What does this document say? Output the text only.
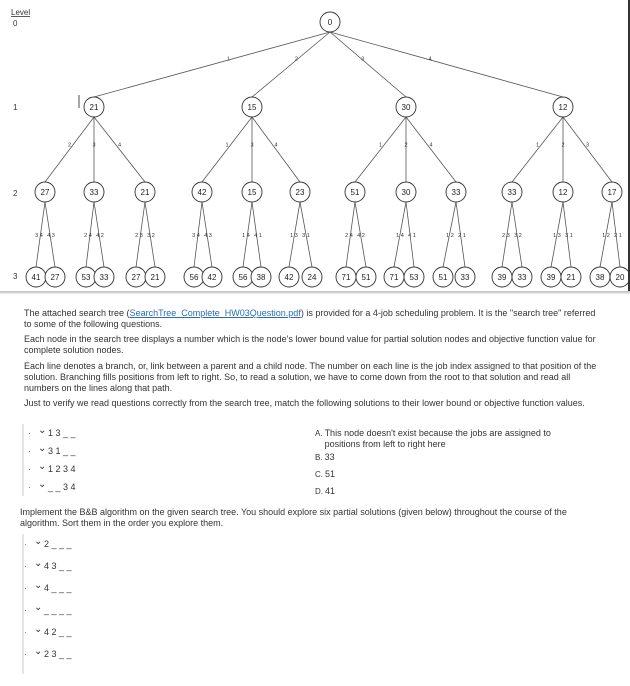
Level
0
1
2
3
1	2	3	4
2	3	4	1	3	4	1	2	4	1	2	3
3 4 4 3	2 4 4 2	2 3 3 2	3 4 4 3	1 4 4 1	1 3 3 1	2 4 4 2	1 4 4 1	1 2 2 1	2 3 3 2	1 3 3 1	1 2 2 1
0
21	15	30	12
27	33	21	42	15	23	51	30	33	33	12	17
41 27	53 33	27 21	56 42	56 38 42 24	71 51 71 53	51 33	39 33	39 21	38 20
The attached search tree (SearchTree_Complete_HW03Question.pdf) is provided for a 4-job scheduling problem. It is the "search tree" referred to some of the following questions.
Each node in the search tree displays a number which is the node's lower bound value for partial solution nodes and objective function value for complete solution nodes.
Each line denotes a branch, or, link between a parent and a child node. The number on each line is the job index assigned to that position of the solution. Branching fills positions from left to right. So, to read a solution, we have to come down from the root to that solution and read all numbers on the lines along that path.
Just to verify we read questions correctly from the search tree, match the following solutions to their lower bound or objective function values.
· ⌄ 1 3 _ _
· ⌄ 3 1 _ _
· ⌄ 1 2 3 4
· ⌄ _ _ 3 4
A. This node doesn't exist because the jobs are assigned to positions from left to right here
B. 33
C. 51
D. 41
Implement the B&B algorithm on the given search tree. You should explore six partial solutions (given below) throughout the course of the algorithm. Sort them in the order you explore them.
· ⌄ 2 _ _ _
· ⌄ 4 3 _ _
· ⌄ 4 _ _ _
· ⌄ _ _ _ _
· ⌄ 4 2 _ _
· ⌄ 2 3 _ _
